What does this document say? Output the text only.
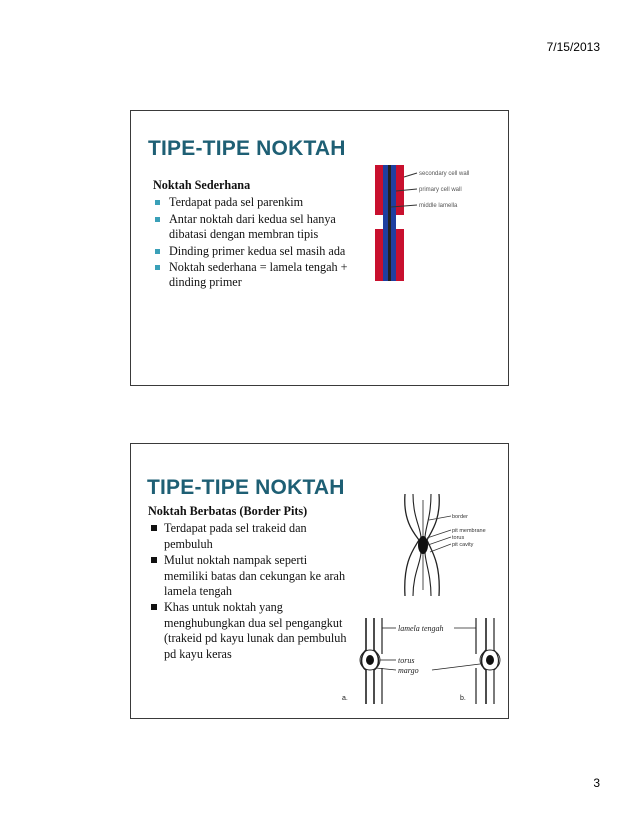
7/15/2013
TIPE-TIPE NOKTAH
Noktah Sederhana
Terdapat pada sel parenkim
Antar noktah dari kedua sel hanya dibatasi dengan membran tipis
Dinding primer kedua sel masih ada
Noktah sederhana = lamela tengah + dinding primer
secondary cell wall
primary cell wall
middle lamella
TIPE-TIPE NOKTAH
Noktah Berbatas (Border Pits)
Terdapat pada sel trakeid dan pembuluh
Mulut noktah nampak seperti memiliki batas dan cekungan ke arah lamela tengah
Khas untuk noktah yang menghubungkan dua sel pengangkut (trakeid pd kayu lunak dan pembuluh pd kayu keras
border
pit membrane
torus
pit cavity
lamela tengah
torus
margo
a.	b.
3
